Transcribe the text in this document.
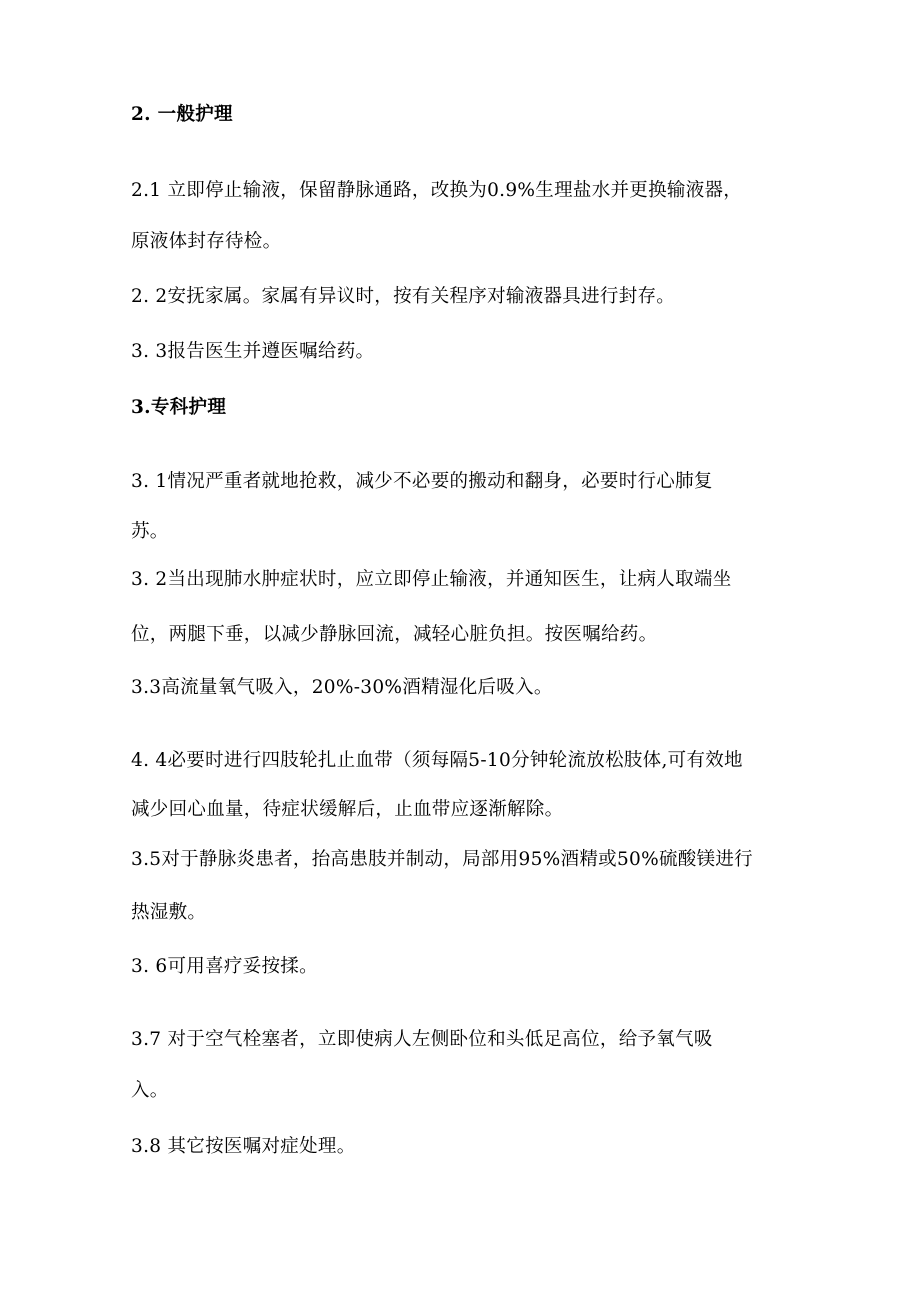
2. 一般护理
2.1 立即停止输液，保留静脉通路，改换为0.9%生理盐水并更换输液器，
原液体封存待检。
2. 2安抚家属。家属有异议时，按有关程序对输液器具进行封存。
3. 3报告医生并遵医嘱给药。
3.专科护理
3. 1情况严重者就地抢救，减少不必要的搬动和翻身，必要时行心肺复
苏。
3. 2当出现肺水肿症状时，应立即停止输液，并通知医生，让病人取端坐
位，两腿下垂，以减少静脉回流，减轻心脏负担。按医嘱给药。
3.3高流量氧气吸入，20%-30%酒精湿化后吸入。
4. 4必要时进行四肢轮扎止血带（须每隔5-10分钟轮流放松肢体,可有效地
减少回心血量，待症状缓解后，止血带应逐渐解除。
3.5对于静脉炎患者，抬高患肢并制动，局部用95%酒精或50%硫酸镁进行
热湿敷。
3. 6可用喜疗妥按揉。
3.7 对于空气栓塞者，立即使病人左侧卧位和头低足高位，给予氧气吸
入。
3.8 其它按医嘱对症处理。
